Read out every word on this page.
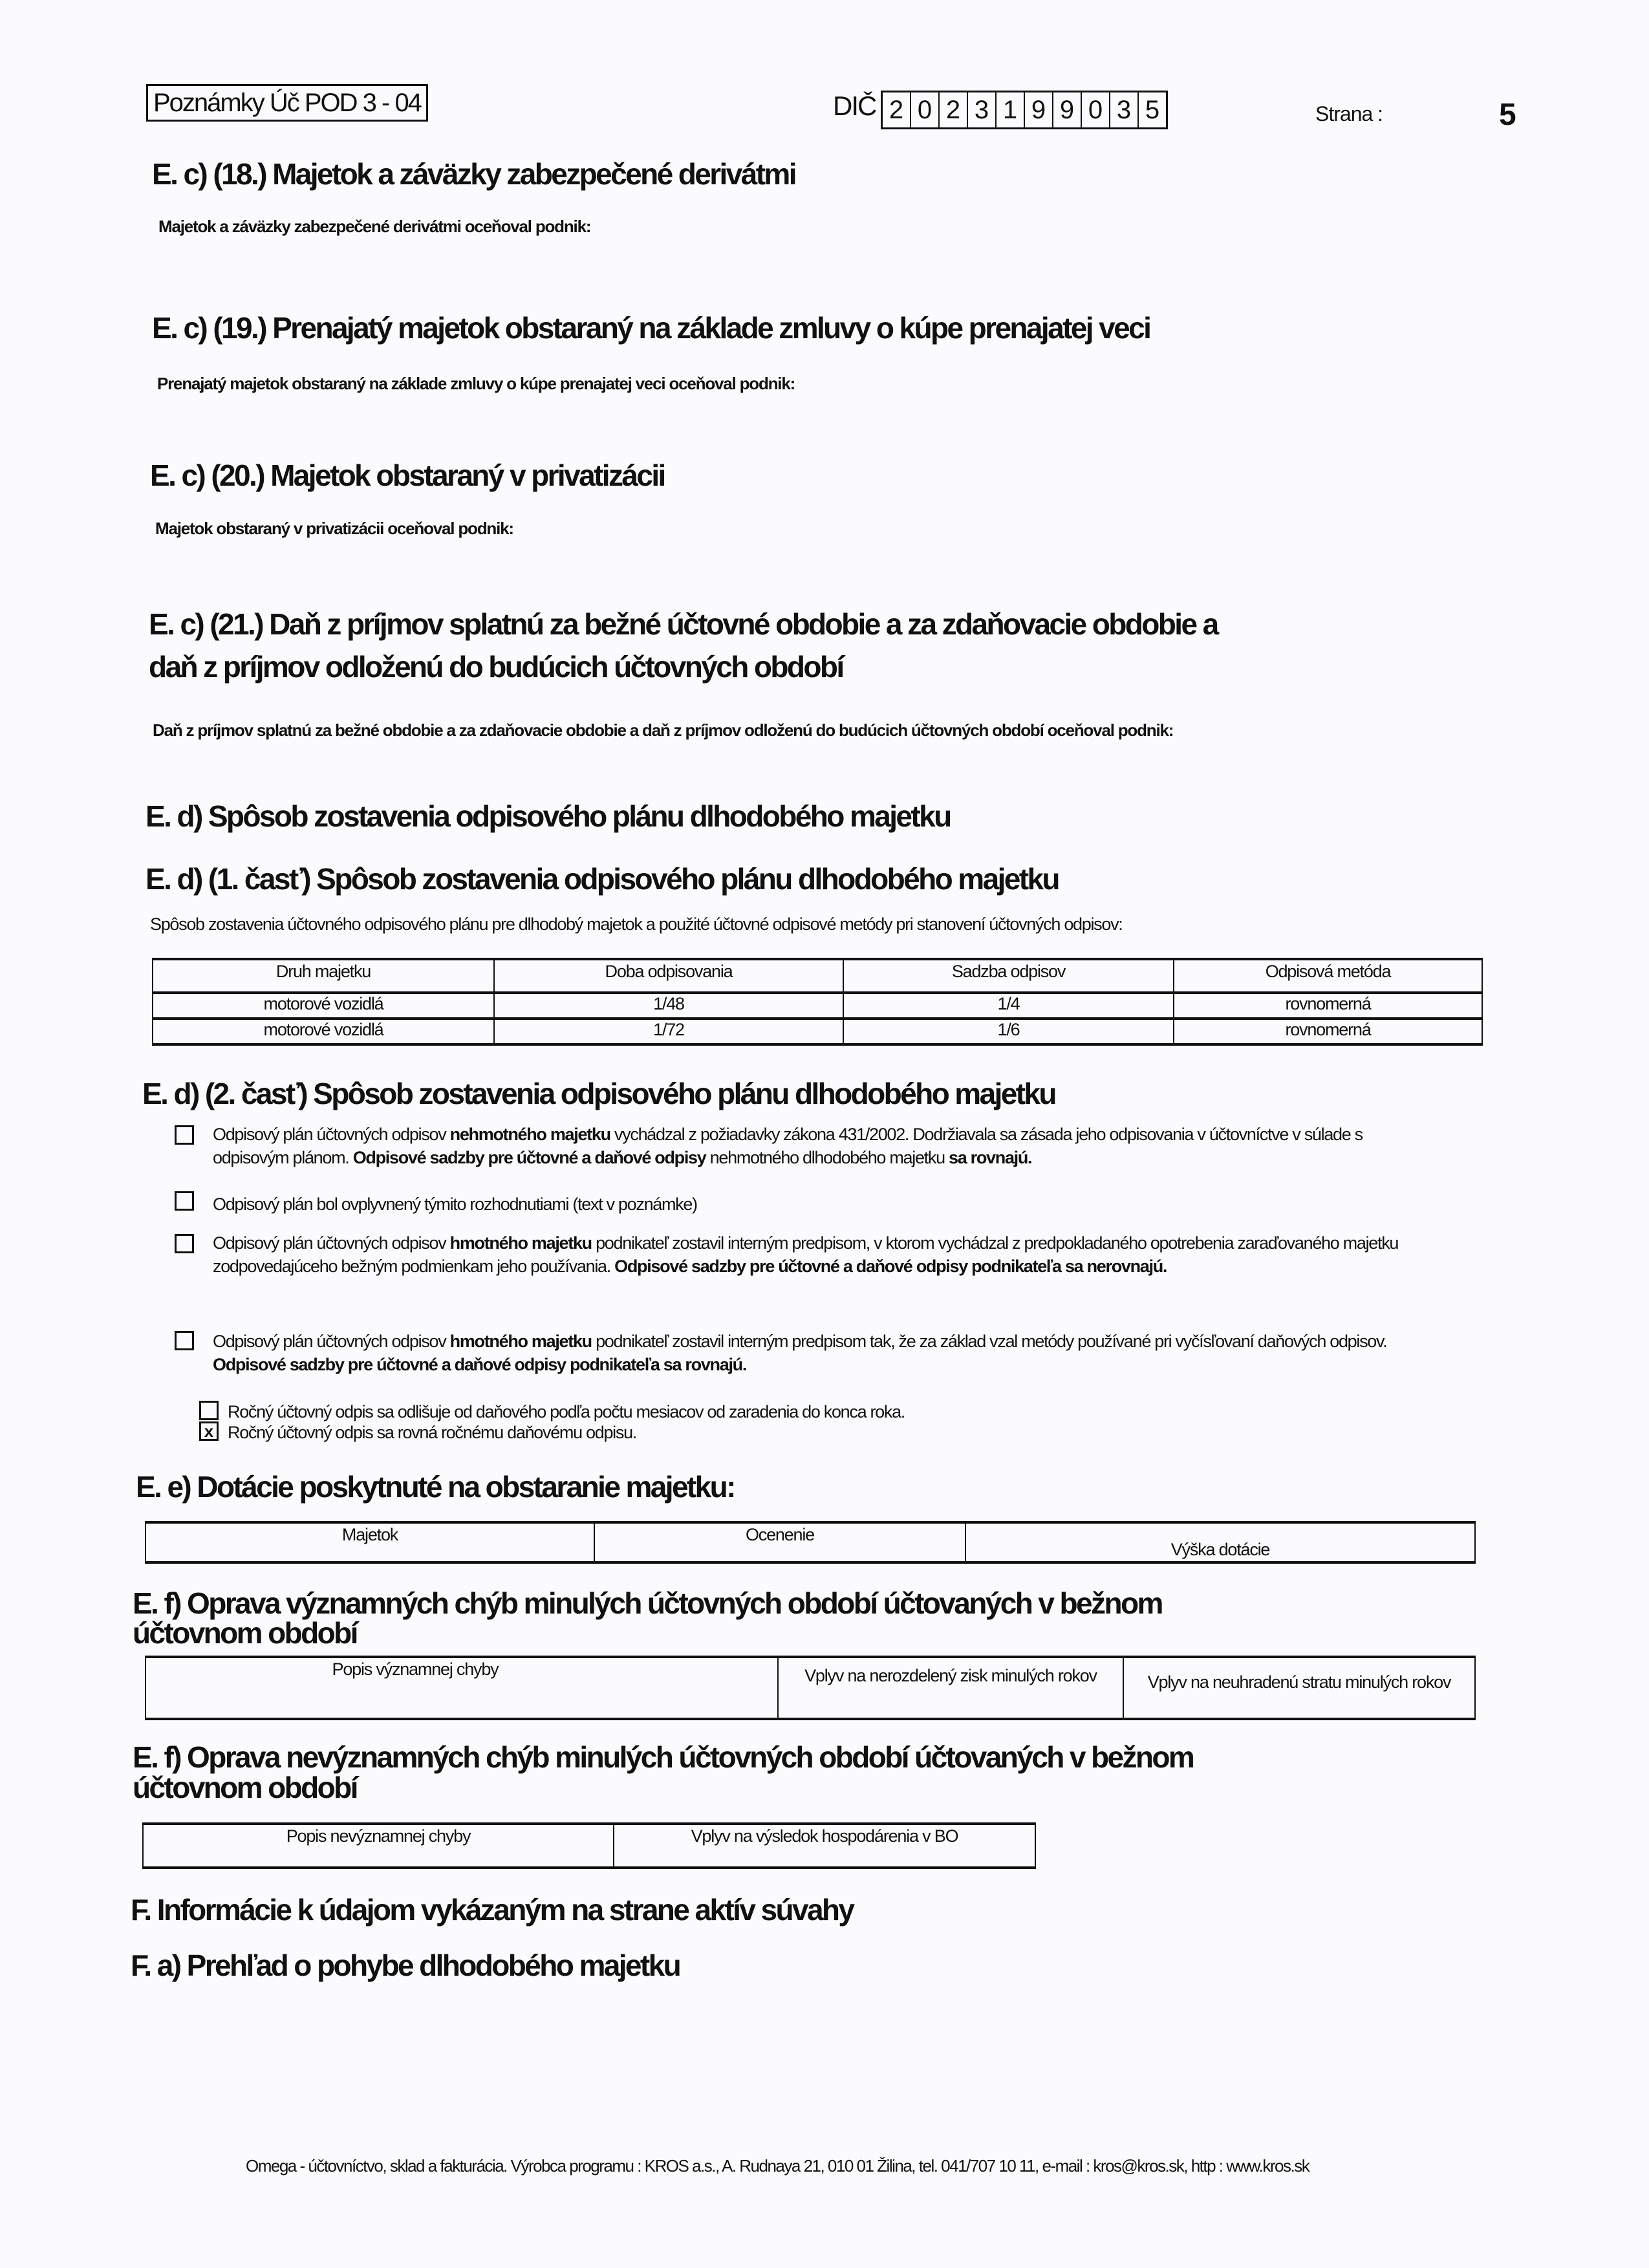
Poznámky Úč POD 3 - 04	DIČ 2 0 2 3 1 9 9 0 3 5	Strana :	5
E. c) (18.) Majetok a záväzky zabezpečené derivátmi
Majetok a záväzky zabezpečené derivátmi oceňoval podnik:
E. c) (19.) Prenajatý majetok obstaraný na základe zmluvy o kúpe prenajatej veci
Prenajatý majetok obstaraný na základe zmluvy o kúpe prenajatej veci oceňoval podnik:
E. c) (20.) Majetok obstaraný v privatizácii
Majetok obstaraný v privatizácii oceňoval podnik:
E. c) (21.) Daň z príjmov splatnú za bežné účtovné obdobie a za zdaňovacie obdobie a
daň z príjmov odloženú do budúcich účtovných období
Daň z príjmov splatnú za bežné obdobie a za zdaňovacie obdobie a daň z príjmov odloženú do budúcich účtovných období oceňoval podnik:
E. d) Spôsob zostavenia odpisového plánu dlhodobého majetku
E. d) (1. časť) Spôsob zostavenia odpisového plánu dlhodobého majetku
Spôsob zostavenia účtovného odpisového plánu pre dlhodobý majetok a použité účtovné odpisové metódy pri stanovení účtovných odpisov:
Druh majetku	Doba odpisovania	Sadzba odpisov	Odpisová metóda
motorové vozidlá	1/48	1/4	rovnomerná
motorové vozidlá	1/72	1/6	rovnomerná
E. d) (2. časť) Spôsob zostavenia odpisového plánu dlhodobého majetku
Odpisový plán účtovných odpisov nehmotného majetku vychádzal z požiadavky zákona 431/2002. Dodržiavala sa zásada jeho odpisovania v účtovníctve v súlade s odpisovým plánom. Odpisové sadzby pre účtovné a daňové odpisy nehmotného dlhodobého majetku sa rovnajú.
Odpisový plán bol ovplyvnený týmito rozhodnutiami (text v poznámke)
Odpisový plán účtovných odpisov hmotného majetku podnikateľ zostavil interným predpisom, v ktorom vychádzal z predpokladaného opotrebenia zaraďovaného majetku zodpovedajúceho bežným podmienkam jeho používania. Odpisové sadzby pre účtovné a daňové odpisy podnikateľa sa nerovnajú.
Odpisový plán účtovných odpisov hmotného majetku podnikateľ zostavil interným predpisom tak, že za základ vzal metódy používané pri vyčísľovaní daňových odpisov. Odpisové sadzby pre účtovné a daňové odpisy podnikateľa sa rovnajú.
Ročný účtovný odpis sa odlišuje od daňového podľa počtu mesiacov od zaradenia do konca roka.
x Ročný účtovný odpis sa rovná ročnému daňovému odpisu.
E. e) Dotácie poskytnuté na obstaranie majetku:
Majetok	Ocenenie	Výška dotácie
E. f) Oprava významných chýb minulých účtovných období účtovaných v bežnom
účtovnom období
Popis významnej chyby	Vplyv na nerozdelený zisk minulých rokov	Vplyv na neuhradenú stratu minulých rokov
E. f) Oprava nevýznamných chýb minulých účtovných období účtovaných v bežnom
účtovnom období
Popis nevýznamnej chyby	Vplyv na výsledok hospodárenia v BO
F. Informácie k údajom vykázaným na strane aktív súvahy
F. a) Prehľad o pohybe dlhodobého majetku
Omega - účtovníctvo, sklad a fakturácia. Výrobca programu : KROS a.s., A. Rudnaya 21, 010 01 Žilina, tel. 041/707 10 11, e-mail : kros@kros.sk, http : www.kros.sk
